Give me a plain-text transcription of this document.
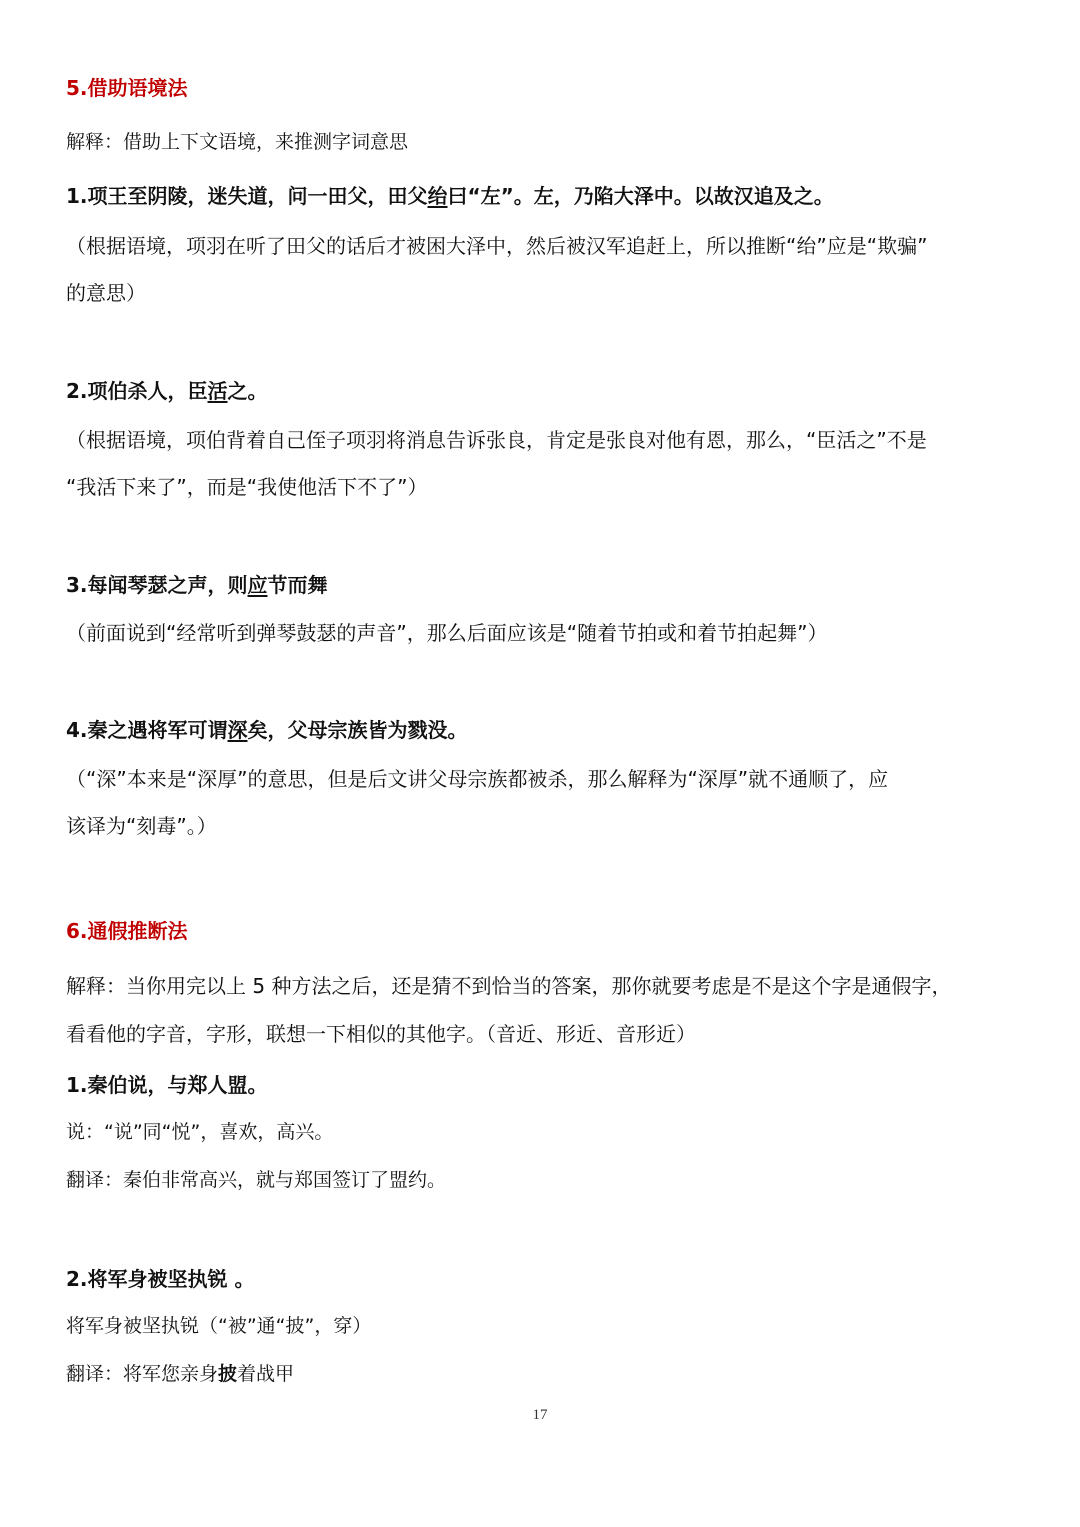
5.借助语境法
解释：借助上下文语境，来推测字词意思
1.项王至阴陵，迷失道，问一田父，田父绐曰“左”。左，乃陷大泽中。以故汉追及之。
（根据语境，项羽在听了田父的话后才被困大泽中，然后被汉军追赶上，所以推断“绐”应是“欺骗”
的意思）
2.项伯杀人，臣活之。
（根据语境，项伯背着自己侄子项羽将消息告诉张良，肯定是张良对他有恩，那么，“臣活之”不是
“我活下来了”，而是“我使他活下不了”）
3.每闻琴瑟之声，则应节而舞
（前面说到“经常听到弹琴鼓瑟的声音”，那么后面应该是“随着节拍或和着节拍起舞”）
4.秦之遇将军可谓深矣，父母宗族皆为戮没。
（“深”本来是“深厚”的意思，但是后文讲父母宗族都被杀，那么解释为“深厚”就不通顺了，应
该译为“刻毒”。）
6.通假推断法
解释：当你用完以上 5 种方法之后，还是猜不到恰当的答案，那你就要考虑是不是这个字是通假字，
看看他的字音，字形，联想一下相似的其他字。（音近、形近、音形近）
1.秦伯说，与郑人盟。
说：“说”同“悦”，喜欢，高兴。
翻译：秦伯非常高兴，就与郑国签订了盟约。
2.将军身被坚执锐 。
将军身被坚执锐（“被”通“披”，穿）
翻译：将军您亲身披着战甲
17
